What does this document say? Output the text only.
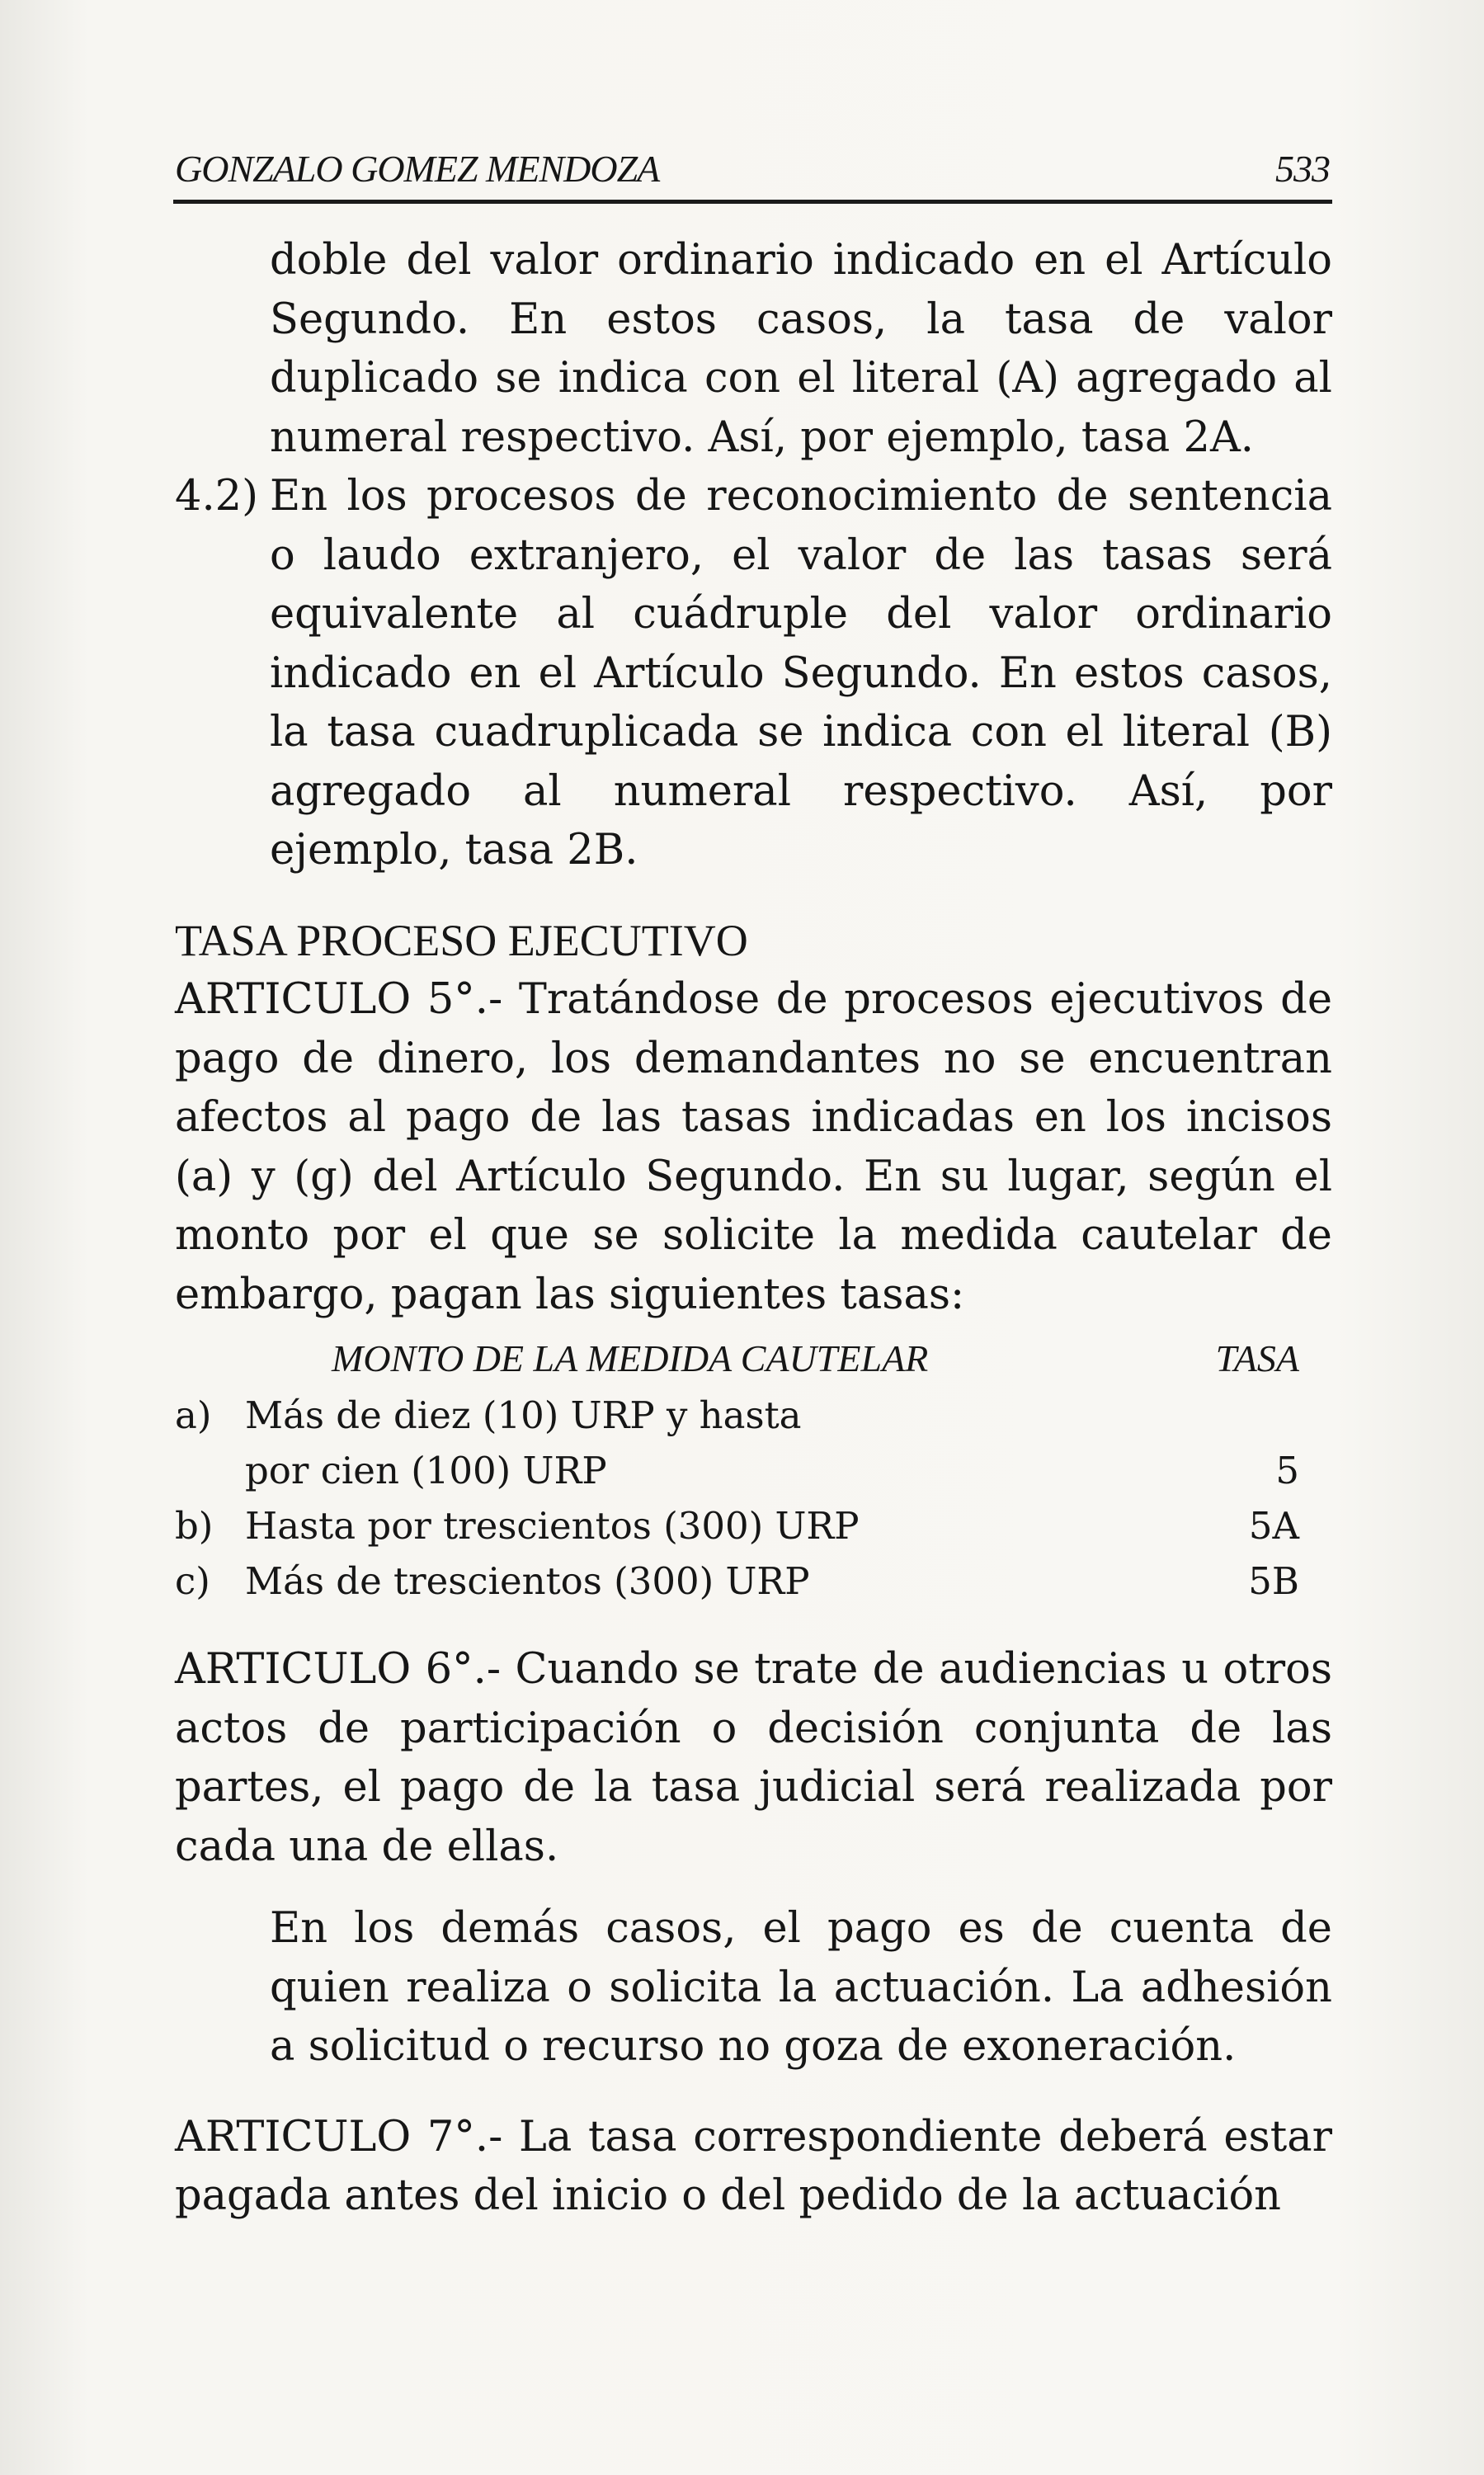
GONZALO GOMEZ MENDOZA	533

doble del valor ordinario indicado en el Artículo Segundo. En estos casos, la tasa de valor duplicado se indica con el literal (A) agregado al numeral respectivo. Así, por ejemplo, tasa 2A.

4.2) En los procesos de reconocimiento de sentencia o laudo extranjero, el valor de las tasas será equivalente al cuádruple del valor ordinario indicado en el Artículo Segundo. En estos casos, la tasa cuadruplicada se indica con el literal (B) agregado al numeral respectivo. Así, por ejemplo, tasa 2B.

TASA PROCESO EJECUTIVO

ARTICULO 5°.- Tratándose de procesos ejecutivos de pago de dinero, los demandantes no se encuentran afectos al pago de las tasas indicadas en los incisos (a) y (g) del Artículo Segundo. En su lugar, según el monto por el que se solicite la medida cautelar de embargo, pagan las siguientes tasas:

MONTO DE LA MEDIDA CAUTELAR	TASA
a) Más de diez (10) URP y hasta
por cien (100) URP	5
b) Hasta por trescientos (300) URP	5A
c) Más de trescientos (300) URP	5B

ARTICULO 6°.- Cuando se trate de audiencias u otros actos de participación o decisión conjunta de las partes, el pago de la tasa judicial será realizada por cada una de ellas.

En los demás casos, el pago es de cuenta de quien realiza o solicita la actuación. La adhesión a solicitud o recurso no goza de exoneración.

ARTICULO 7°.- La tasa correspondiente deberá estar pagada antes del inicio o del pedido de la actuación
